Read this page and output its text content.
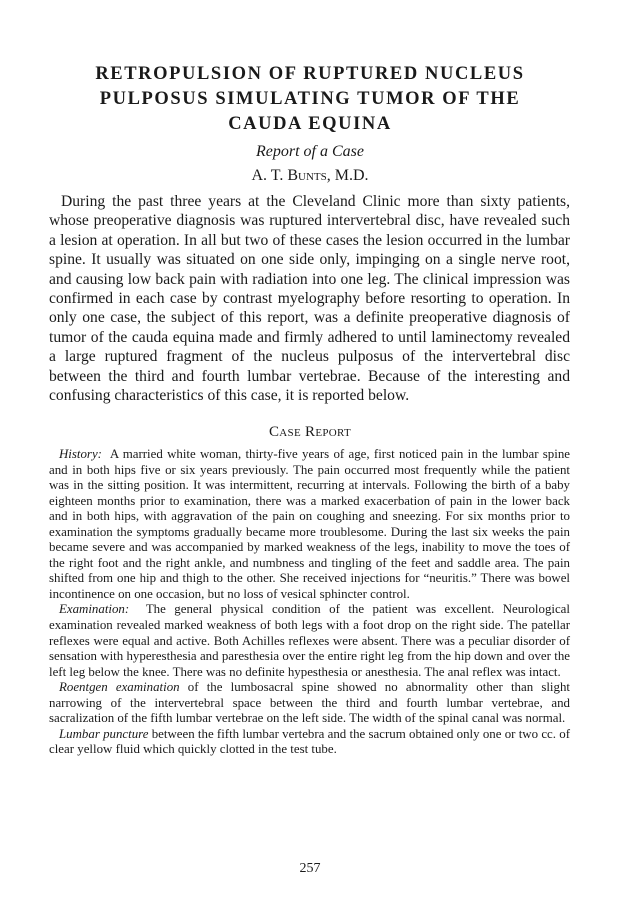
RETROPULSION OF RUPTURED NUCLEUS PULPOSUS SIMULATING TUMOR OF THE CAUDA EQUINA

Report of a Case

A. T. Bunts, M.D.

During the past three years at the Cleveland Clinic more than sixty patients, whose preoperative diagnosis was ruptured intervertebral disc, have revealed such a lesion at operation. In all but two of these cases the lesion occurred in the lumbar spine. It usually was situated on one side only, impinging on a single nerve root, and causing low back pain with radiation into one leg. The clinical impression was confirmed in each case by contrast myelography before resorting to operation. In only one case, the subject of this report, was a definite preoperative diagnosis of tumor of the cauda equina made and firmly adhered to until laminectomy revealed a large ruptured fragment of the nucleus pulposus of the intervertebral disc between the third and fourth lumbar vertebrae. Because of the interesting and confusing characteristics of this case, it is reported below.

Case Report

History: A married white woman, thirty-five years of age, first noticed pain in the lumbar spine and in both hips five or six years previously. The pain occurred most frequently while the patient was in the sitting position. It was intermittent, recurring at intervals. Following the birth of a baby eighteen months prior to examination, there was a marked exacerbation of pain in the lower back and in both hips, with aggravation of the pain on coughing and sneezing. For six months prior to examination the symptoms gradually became more troublesome. During the last six weeks the pain became severe and was accompanied by marked weakness of the legs, inability to move the toes of the right foot and the right ankle, and numbness and tingling of the feet and saddle area. The pain shifted from one hip and thigh to the other. She received injections for “neuritis.” There was bowel incontinence on one occasion, but no loss of vesical sphincter control.

Examination: The general physical condition of the patient was excellent. Neurological examination revealed marked weakness of both legs with a foot drop on the right side. The patellar reflexes were equal and active. Both Achilles reflexes were absent. There was a peculiar disorder of sensation with hyperesthesia and paresthesia over the entire right leg from the hip down and over the left leg below the knee. There was no definite hypesthesia or anesthesia. The anal reflex was intact.

Roentgen examination of the lumbosacral spine showed no abnormality other than slight narrowing of the intervertebral space between the third and fourth lumbar vertebrae, and sacralization of the fifth lumbar vertebrae on the left side. The width of the spinal canal was normal.

Lumbar puncture between the fifth lumbar vertebra and the sacrum obtained only one or two cc. of clear yellow fluid which quickly clotted in the test tube.

257
